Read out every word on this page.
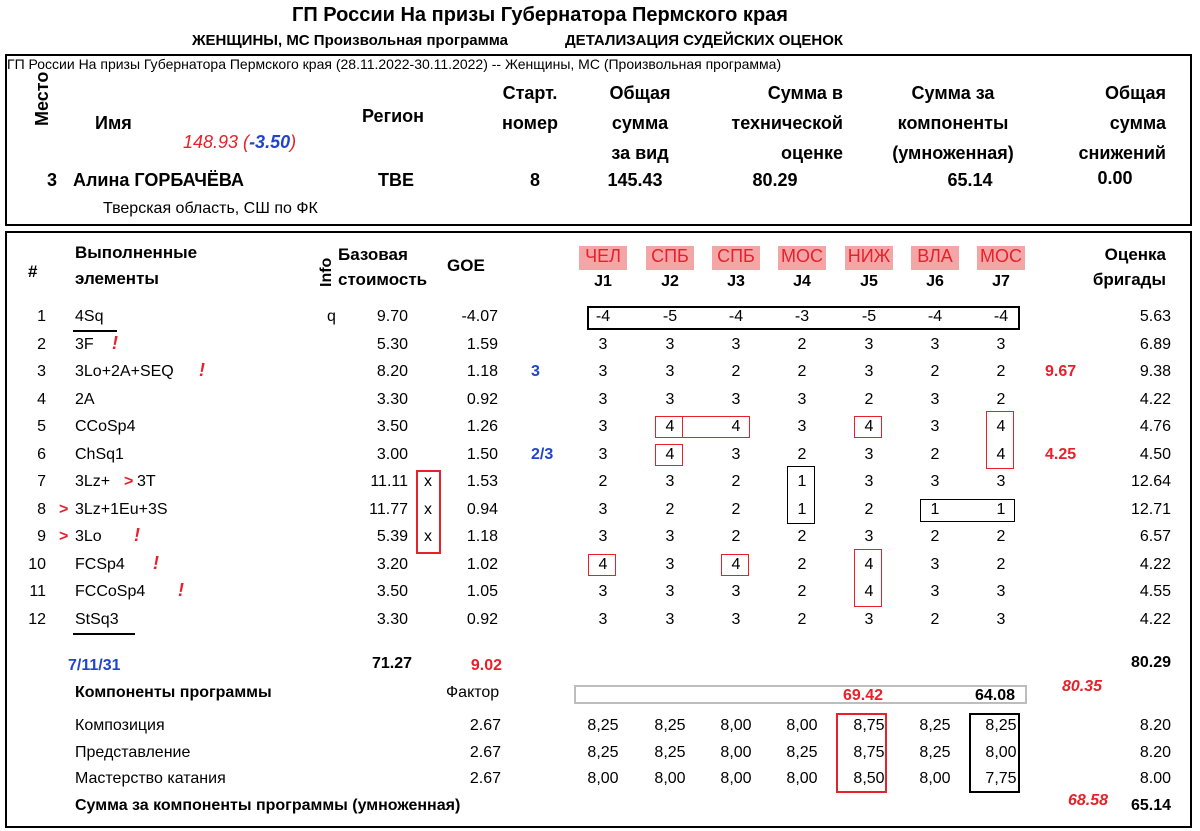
ГП России На призы Губернатора Пермского края
ЖЕНЩИНЫ, МС Произвольная программа	ДЕТАЛИЗАЦИЯ СУДЕЙСКИХ ОЦЕНОК
ГП России На призы Губернатора Пермского края (28.11.2022-30.11.2022) -- Женщины, МС (Произвольная программа)
Место Имя
148.93 (-3.50)
Регион
Старт.
номер
Общая
сумма
за вид
Сумма в
технической
оценке
Сумма за
компоненты
(умноженная)
Общая
сумма
снижений
3 Алина ГОРБАЧЁВА	ТВЕ	8	145.43	80.29	65.14	0.00
Тверская область, СШ по ФК
#
Выполненные
элементы	Info
Базовая
стоимость
GOE
Оценка
бригады
ЧЕЛ
J1
СПБ
J2
СПБ
J3
МОС
J4
НИЖ
J5
ВЛА
J6
МОС
J7
1 4Sq	q	9.70	-4.07	-4	-5	-4	-3	-5	-4	-4	5.63
2 3F	5.30	1.59	3	3	3	2	3	3	3	6.89
3 3Lo+2A+SEQ	8.20	1.18 3	3	3	2	2	3	2	2	9.67	9.38
4 2A	3.30	0.92	3	3	3	3	2	3	2	4.22
5 CCoSp4	3.50	1.26	3	4	4	3	4	3	4	4.76
6 ChSq1	3.00	1.50 2/3	3	4	3	2	3	2	4	4.25	4.50
7 3Lz+ > 3T	11.11 x	1.53	2	3	2	1	3	3	3	12.64
8 3Lz+1Eu+3S	11.77 x	0.94	3	2	2	1	2	1	1	12.71
9 3Lo	5.39 x	1.18	3	3	2	2	3	2	2	6.57
10 FCSp4	3.20	1.02	4	3	4	2	4	3	2	4.22
11 FCCoSp4	3.50	1.05	3	3	3	2	4	3	3	4.55
12 StSq3	3.30	0.92	3	3	3	2	3	2	3	4.22
!
!
!
!
!
>
>
Композиция	2.67	8,25	8,25	8,00	8,00	8,75	8,25	8,25	8.20
Представление	2.67	8,25	8,25	8,00	8,25	8,75	8,25	8,00	8.20
Мастерство катания	2.67	8,00	8,00	8,00	8,00	8,50	8,00	7,75	8.00
7/11/31	71.27	9.02	80.29
80.35
Компоненты программы	Фактор	69.42	64.08
Сумма за компоненты программы (умноженная)	68.58	65.14
